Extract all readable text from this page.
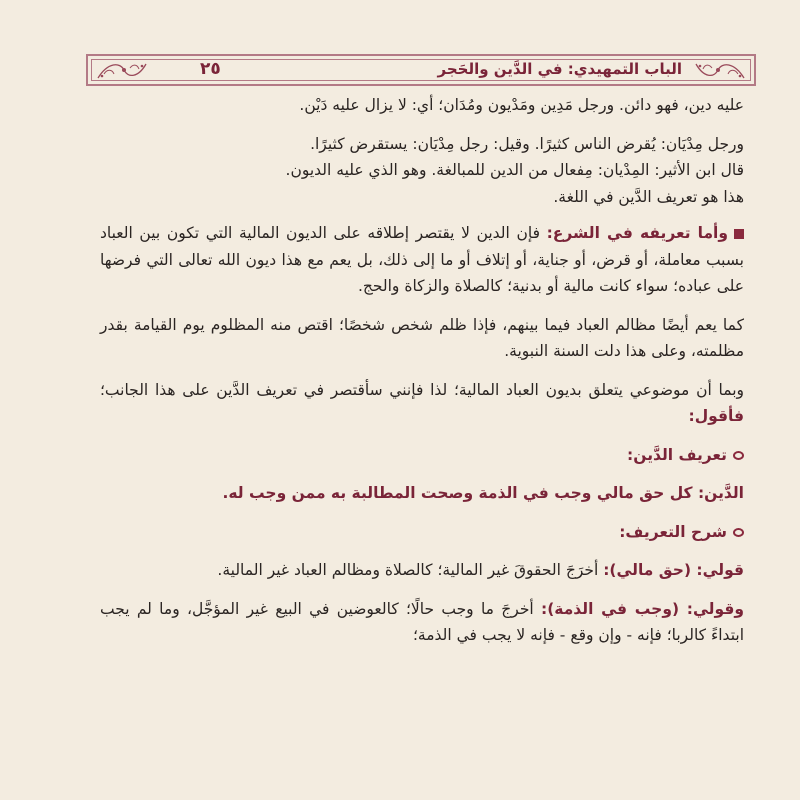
٢٥	الباب التمهيدي: في الدَّين والحَجر

عليه دين، فهو دائن. ورجل مَدِين ومَدْيون ومُدَان؛ أي: لا يزال عليه دَيْن.

ورجل مِدْيَان: يُقرض الناس كثيرًا. وقيل: رجل مِدْيَان: يستقرض كثيرًا.
قال ابن الأثير: المِدْيان: مِفعال من الدين للمبالغة. وهو الذي عليه الديون.
هذا هو تعريف الدَّين في اللغة.

وأما تعريفه في الشرع: فإن الدين لا يقتصر إطلاقه على الديون المالية التي تكون بين العباد بسبب معاملة، أو قرض، أو جناية، أو إتلاف أو ما إلى ذلك، بل يعم مع هذا ديون الله تعالى التي فرضها على عباده؛ سواء كانت مالية أو بدنية؛ كالصلاة والزكاة والحج.

كما يعم أيضًا مظالم العباد فيما بينهم، فإذا ظلم شخص شخصًا؛ اقتص منه المظلوم يوم القيامة بقدر مظلمته، وعلى هذا دلت السنة النبوية.

وبما أن موضوعي يتعلق بديون العباد المالية؛ لذا فإنني سأقتصر في تعريف الدَّين على هذا الجانب؛ فأقول:

تعريف الدَّين:

الدَّين: كل حق مالي وجب في الذمة وصحت المطالبة به ممن وجب له.

شرح التعريف:

قولي: (حق مالي): أخرَجَ الحقوقَ غير المالية؛ كالصلاة ومظالم العباد غير المالية.

وقولي: (وجب في الذمة): أخرجَ ما وجب حالًا؛ كالعوضين في البيع غير المؤجَّل، وما لم يجب ابتداءً كالربا؛ فإنه - وإن وقع - فإنه لا يجب في الذمة؛
